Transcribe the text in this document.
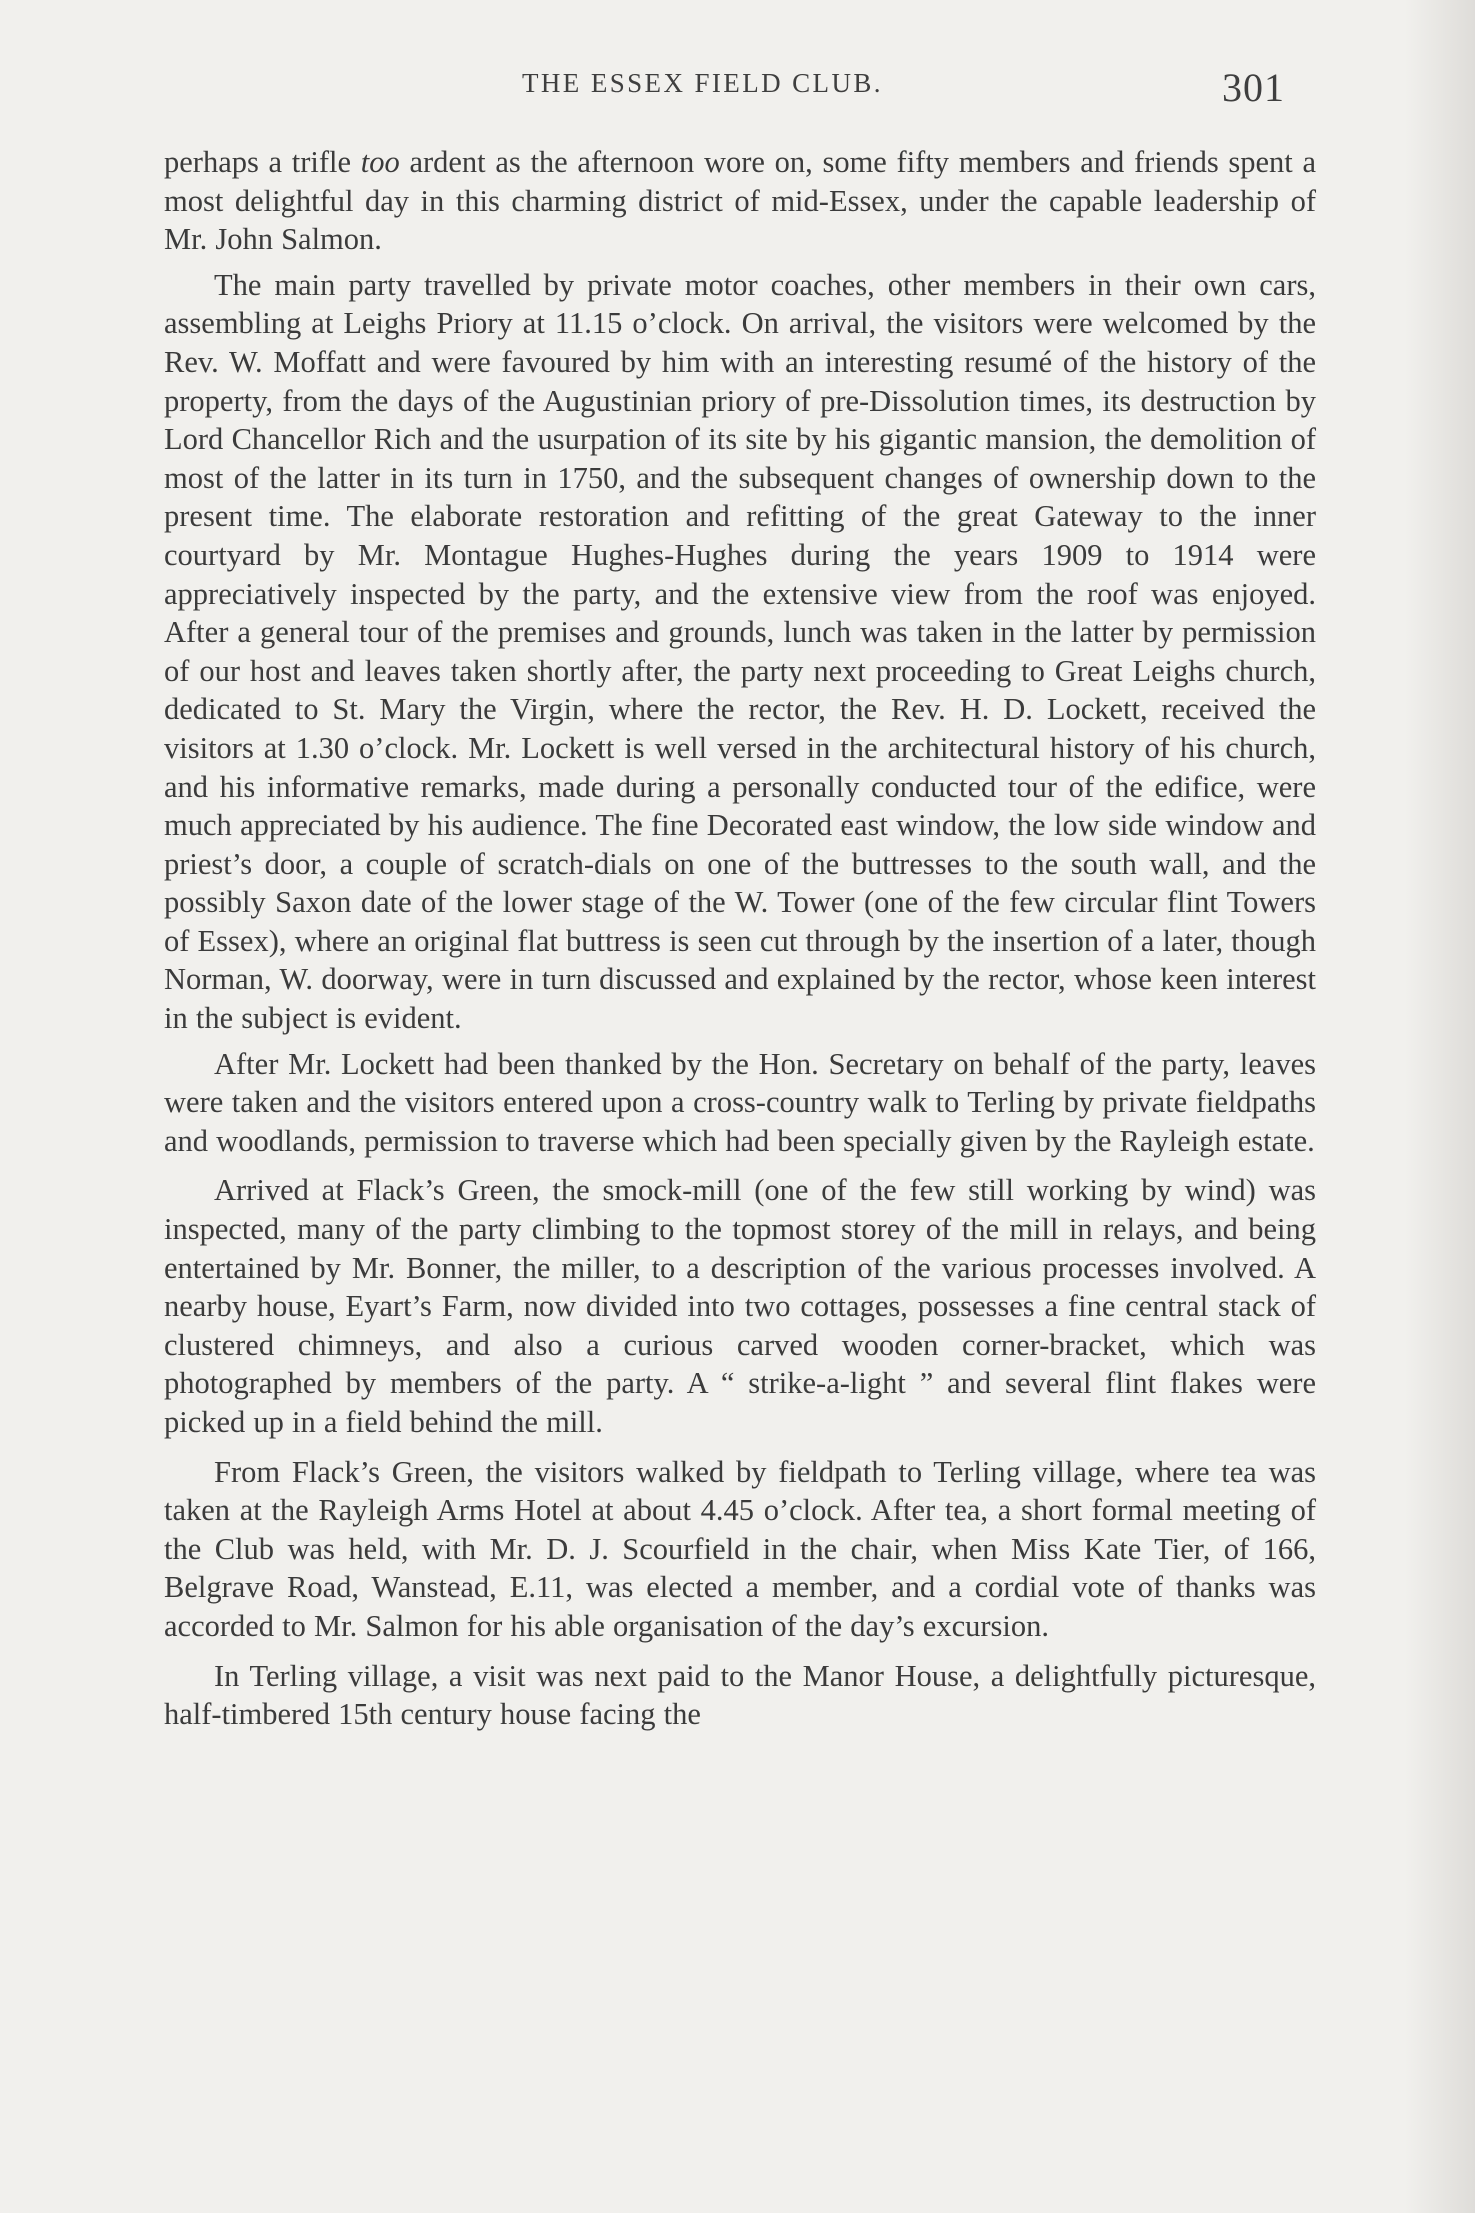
THE ESSEX FIELD CLUB.	301

perhaps a trifle too ardent as the afternoon wore on, some fifty members and friends spent a most delightful day in this charming district of mid-Essex, under the capable leadership of Mr. John Salmon.

The main party travelled by private motor coaches, other members in their own cars, assembling at Leighs Priory at 11.15 o’clock. On arrival, the visitors were welcomed by the Rev. W. Moffatt and were favoured by him with an interesting resumé of the history of the property, from the days of the Augustinian priory of pre-Dissolution times, its destruction by Lord Chancellor Rich and the usurpation of its site by his gigantic mansion, the demolition of most of the latter in its turn in 1750, and the subsequent changes of ownership down to the present time. The elaborate restoration and refitting of the great Gateway to the inner courtyard by Mr. Montague Hughes-Hughes during the years 1909 to 1914 were appreciatively inspected by the party, and the extensive view from the roof was enjoyed. After a general tour of the premises and grounds, lunch was taken in the latter by permission of our host and leaves taken shortly after, the party next proceeding to Great Leighs church, dedicated to St. Mary the Virgin, where the rector, the Rev. H. D. Lockett, received the visitors at 1.30 o’clock. Mr. Lockett is well versed in the architectural history of his church, and his informative remarks, made during a personally conducted tour of the edifice, were much appreciated by his audience. The fine Decorated east window, the low side window and priest’s door, a couple of scratch-dials on one of the buttresses to the south wall, and the possibly Saxon date of the lower stage of the W. Tower (one of the few circular flint Towers of Essex), where an original flat buttress is seen cut through by the insertion of a later, though Norman, W. doorway, were in turn discussed and explained by the rector, whose keen interest in the subject is evident.

After Mr. Lockett had been thanked by the Hon. Secretary on behalf of the party, leaves were taken and the visitors entered upon a cross-country walk to Terling by private fieldpaths and woodlands, permission to traverse which had been specially given by the Rayleigh estate.

Arrived at Flack’s Green, the smock-mill (one of the few still working by wind) was inspected, many of the party climbing to the topmost storey of the mill in relays, and being entertained by Mr. Bonner, the miller, to a description of the various processes involved. A nearby house, Eyart’s Farm, now divided into two cottages, possesses a fine central stack of clustered chimneys, and also a curious carved wooden corner-bracket, which was photographed by members of the party. A “ strike-a-light ” and several flint flakes were picked up in a field behind the mill.

From Flack’s Green, the visitors walked by fieldpath to Terling village, where tea was taken at the Rayleigh Arms Hotel at about 4.45 o’clock. After tea, a short formal meeting of the Club was held, with Mr. D. J. Scourfield in the chair, when Miss Kate Tier, of 166, Belgrave Road, Wanstead, E.11, was elected a member, and a cordial vote of thanks was accorded to Mr. Salmon for his able organisation of the day’s excursion.

In Terling village, a visit was next paid to the Manor House, a delightfully picturesque, half-timbered 15th century house facing the
